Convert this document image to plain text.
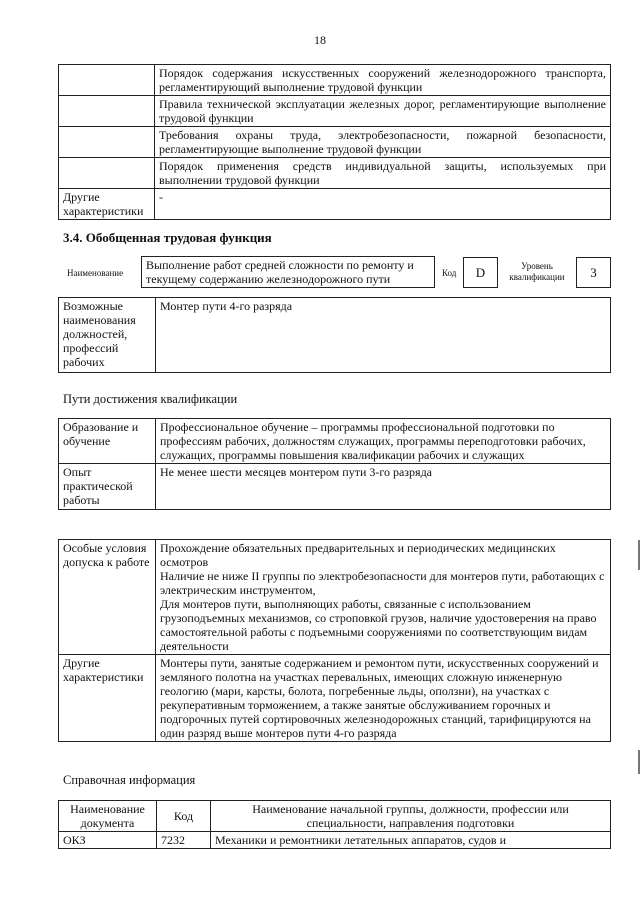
18
	Порядок содержания искусственных сооружений железнодорожного транспорта, регламентирующий выполнение трудовой функции
	Правила технической эксплуатации железных дорог, регламентирующие выполнение трудовой функции
	Требования охраны труда, электробезопасности, пожарной безопасности, регламентирующие выполнение трудовой функции
	Порядок применения средств индивидуальной защиты, используемых при выполнении трудовой функции
Другие характеристики	-
3.4. Обобщенная трудовая функция
Наименование
Выполнение работ средней сложности по ремонту и текущему содержанию железнодорожного пути	Код	D	Уровень квалификации	3
Возможные наименования должностей, профессий рабочих	Монтер пути 4-го разряда
Пути достижения квалификации
Образование и обучение	Профессиональное обучение – программы профессиональной подготовки по профессиям рабочих, должностям служащих, программы переподготовки рабочих, служащих, программы повышения квалификации рабочих и служащих
Опыт практической работы	Не менее шести месяцев монтером пути 3-го разряда
Особые условия допуска к работе	Прохождение обязательных предварительных и периодических медицинских осмотров
Наличие не ниже II группы по электробезопасности для монтеров пути, работающих с электрическим инструментом,
Для монтеров пути, выполняющих работы, связанные с использованием грузоподъемных механизмов, со строповкой грузов, наличие удостоверения на право самостоятельной работы с подъемными сооружениями по соответствующим видам деятельности

Другие характеристики	Монтеры пути, занятые содержанием и ремонтом пути, искусственных сооружений и земляного полотна на участках перевальных, имеющих сложную инженерную геологию (мари, карсты, болота, погребенные льды, оползни), на участках с рекуперативным торможением, а также занятые обслуживанием горочных и подгорочных путей сортировочных железнодорожных станций, тарифицируются на один разряд выше монтеров пути 4-го разряда
Справочная информация
Наименование документа	Код	Наименование начальной группы, должности, профессии или специальности, направления подготовки
ОКЗ	7232	Механики и ремонтники летательных аппаратов, судов и
